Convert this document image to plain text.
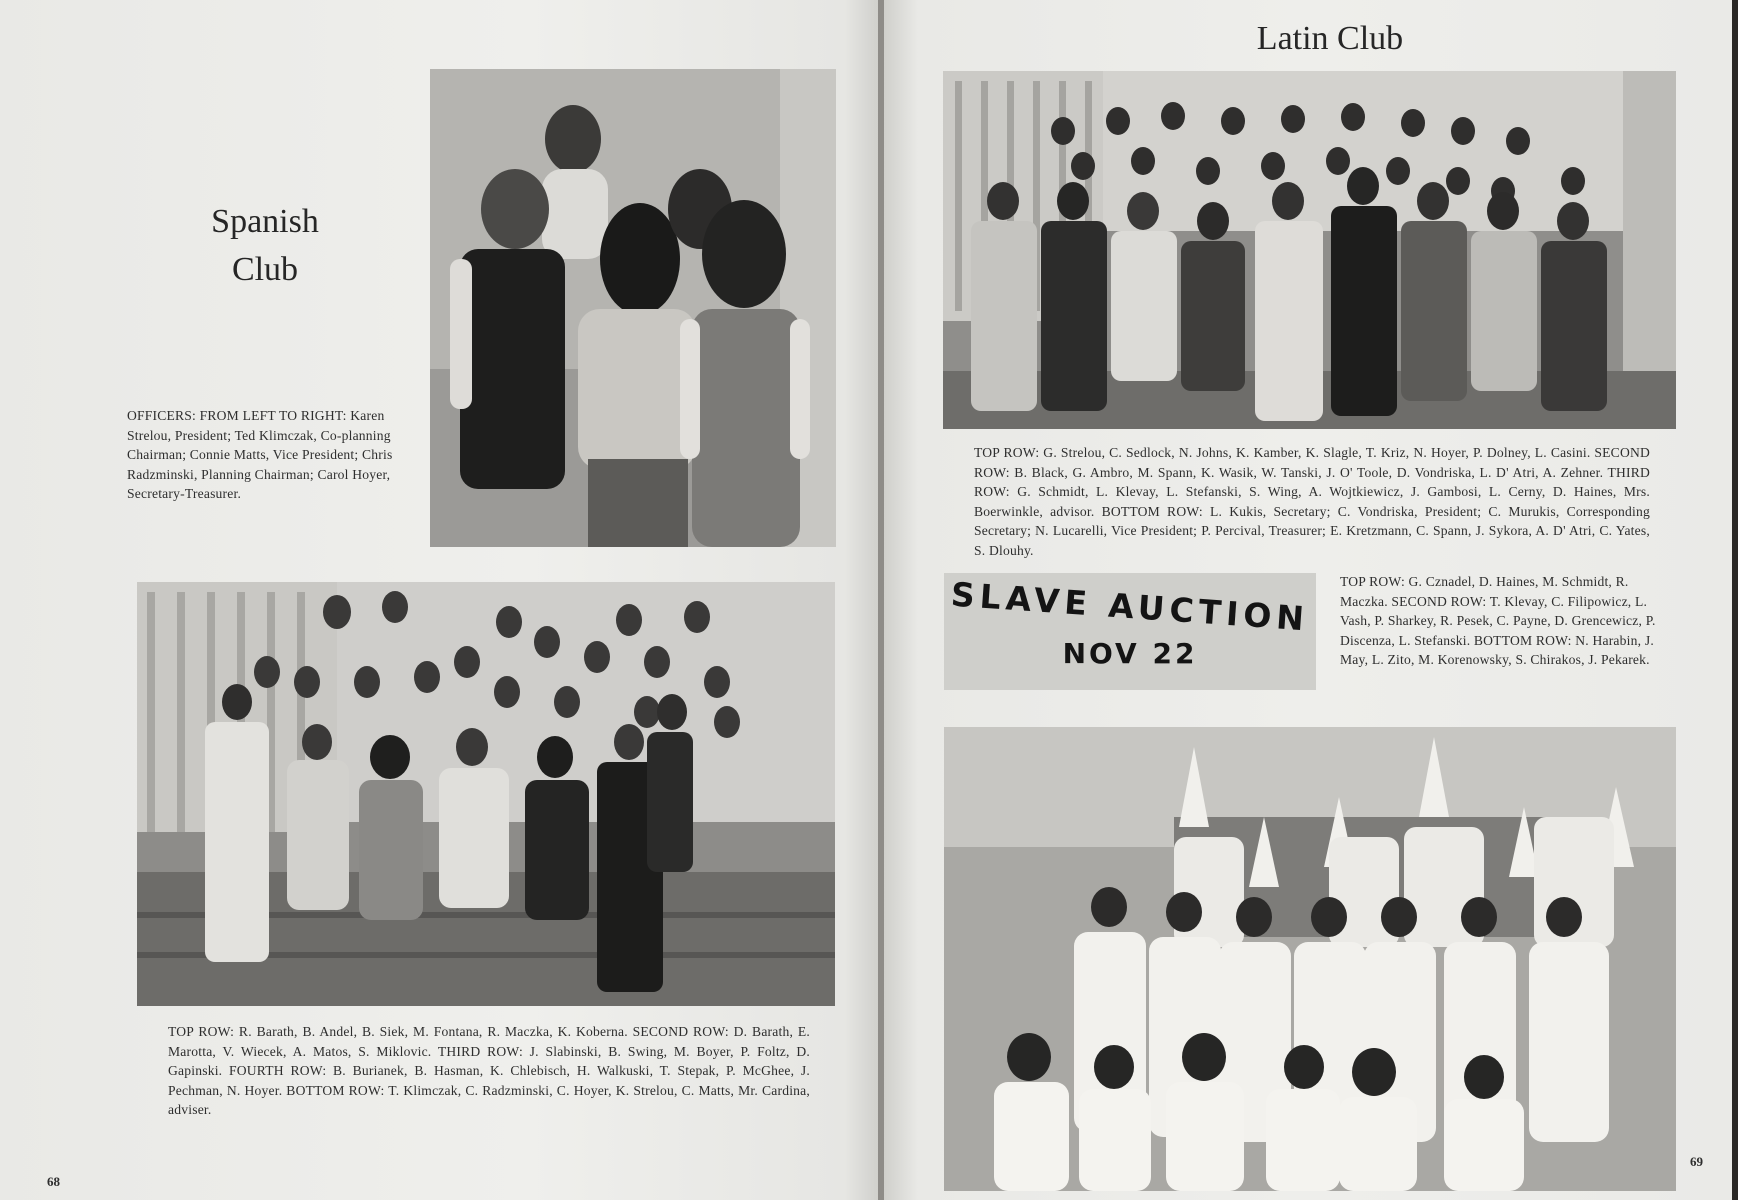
Spanish
Club
OFFICERS: FROM LEFT TO RIGHT: Karen Strelou, President; Ted Klimczak, Co-planning Chairman; Connie Matts, Vice President; Chris Radzminski, Planning Chairman; Carol Hoyer, Secretary-Treasurer.
TOP ROW: R. Barath, B. Andel, B. Siek, M. Fontana, R. Maczka, K. Koberna. SECOND ROW: D. Barath, E. Marotta, V. Wiecek, A. Matos, S. Miklovic. THIRD ROW: J. Slabinski, B. Swing, M. Boyer, P. Foltz, D. Gapinski. FOURTH ROW: B. Burianek, B. Hasman, K. Chlebisch, H. Walkuski, T. Stepak, P. McGhee, J. Pechman, N. Hoyer. BOTTOM ROW: T. Klimczak, C. Radzminski, C. Hoyer, K. Strelou, C. Matts, Mr. Cardina, adviser.
68
Latin Club
TOP ROW: G. Strelou, C. Sedlock, N. Johns, K. Kamber, K. Slagle, T. Kriz, N. Hoyer, P. Dolney, L. Casini. SECOND ROW: B. Black, G. Ambro, M. Spann, K. Wasik, W. Tanski, J. O' Toole, D. Vondriska, L. D' Atri, A. Zehner. THIRD ROW: G. Schmidt, L. Klevay, L. Stefanski, S. Wing, A. Wojtkiewicz, J. Gambosi, L. Cerny, D. Haines, Mrs. Boerwinkle, advisor. BOTTOM ROW: L. Kukis, Secretary; C. Vondriska, President; C. Murukis, Corresponding Secretary; N. Lucarelli, Vice President; P. Percival, Treasurer; E. Kretzmann, C. Spann, J. Sykora, A. D' Atri, C. Yates, S. Dlouhy.
SLAVE AUCTION
NOV 22
TOP ROW: G. Cznadel, D. Haines, M. Schmidt, R. Maczka. SECOND ROW: T. Klevay, C. Filipowicz, L. Vash, P. Sharkey, R. Pesek, C. Payne, D. Grencewicz, P. Discenza, L. Stefanski. BOTTOM ROW: N. Harabin, J. May, L. Zito, M. Korenowsky, S. Chirakos, J. Pekarek.
69
